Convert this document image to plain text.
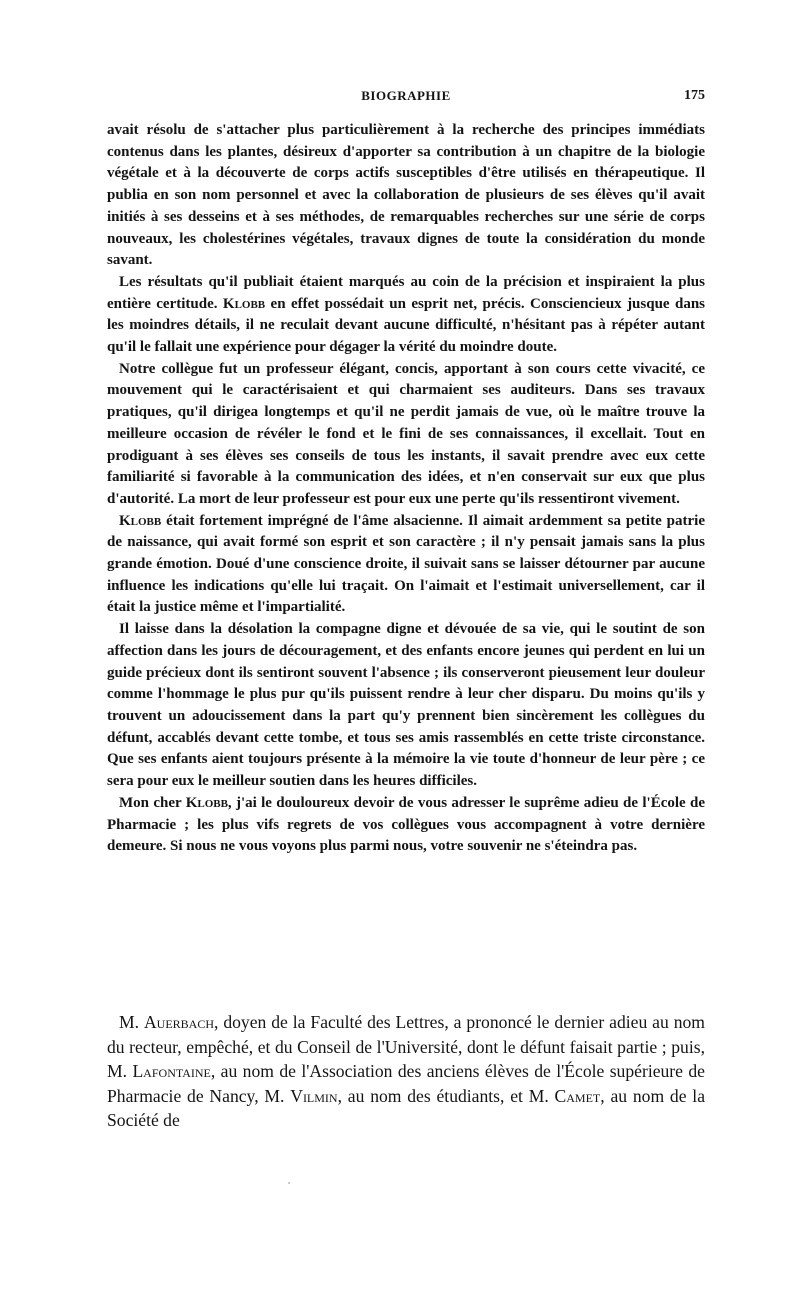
BIOGRAPHIE	175

avait résolu de s'attacher plus particulièrement à la recherche des principes immédiats contenus dans les plantes, désireux d'apporter sa contribution à un chapitre de la biologie végétale et à la découverte de corps actifs susceptibles d'être utilisés en thérapeutique. Il publia en son nom personnel et avec la collaboration de plusieurs de ses élèves qu'il avait initiés à ses desseins et à ses méthodes, de remarquables recherches sur une série de corps nouveaux, les cholestérines végétales, travaux dignes de toute la considération du monde savant.

Les résultats qu'il publiait étaient marqués au coin de la précision et inspiraient la plus entière certitude. Klobb en effet possédait un esprit net, précis. Consciencieux jusque dans les moindres détails, il ne reculait devant aucune difficulté, n'hésitant pas à répéter autant qu'il le fallait une expérience pour dégager la vérité du moindre doute.

Notre collègue fut un professeur élégant, concis, apportant à son cours cette vivacité, ce mouvement qui le caractérisaient et qui charmaient ses auditeurs. Dans ses travaux pratiques, qu'il dirigea longtemps et qu'il ne perdit jamais de vue, où le maître trouve la meilleure occasion de révéler le fond et le fini de ses connaissances, il excellait. Tout en prodiguant à ses élèves ses conseils de tous les instants, il savait prendre avec eux cette familiarité si favorable à la communication des idées, et n'en conservait sur eux que plus d'autorité. La mort de leur professeur est pour eux une perte qu'ils ressentiront vivement.

Klobb était fortement imprégné de l'âme alsacienne. Il aimait ardemment sa petite patrie de naissance, qui avait formé son esprit et son caractère ; il n'y pensait jamais sans la plus grande émotion. Doué d'une conscience droite, il suivait sans se laisser détourner par aucune influence les indications qu'elle lui traçait. On l'aimait et l'estimait universellement, car il était la justice même et l'impartialité.

Il laisse dans la désolation la compagne digne et dévouée de sa vie, qui le soutint de son affection dans les jours de découragement, et des enfants encore jeunes qui perdent en lui un guide précieux dont ils sentiront souvent l'absence ; ils conserveront pieusement leur douleur comme l'hommage le plus pur qu'ils puissent rendre à leur cher disparu. Du moins qu'ils y trouvent un adoucissement dans la part qu'y prennent bien sincèrement les collègues du défunt, accablés devant cette tombe, et tous ses amis rassemblés en cette triste circonstance. Que ses enfants aient toujours présente à la mémoire la vie toute d'honneur de leur père ; ce sera pour eux le meilleur soutien dans les heures difficiles.

Mon cher Klobb, j'ai le douloureux devoir de vous adresser le suprême adieu de l'École de Pharmacie ; les plus vifs regrets de vos collègues vous accompagnent à votre dernière demeure. Si nous ne vous voyons plus parmi nous, votre souvenir ne s'éteindra pas.

M. Auerbach, doyen de la Faculté des Lettres, a prononcé le dernier adieu au nom du recteur, empêché, et du Conseil de l'Université, dont le défunt faisait partie ; puis, M. Lafontaine, au nom de l'Association des anciens élèves de l'École supérieure de Pharmacie de Nancy, M. Vilmin, au nom des étudiants, et M. Camet, au nom de la Société de
